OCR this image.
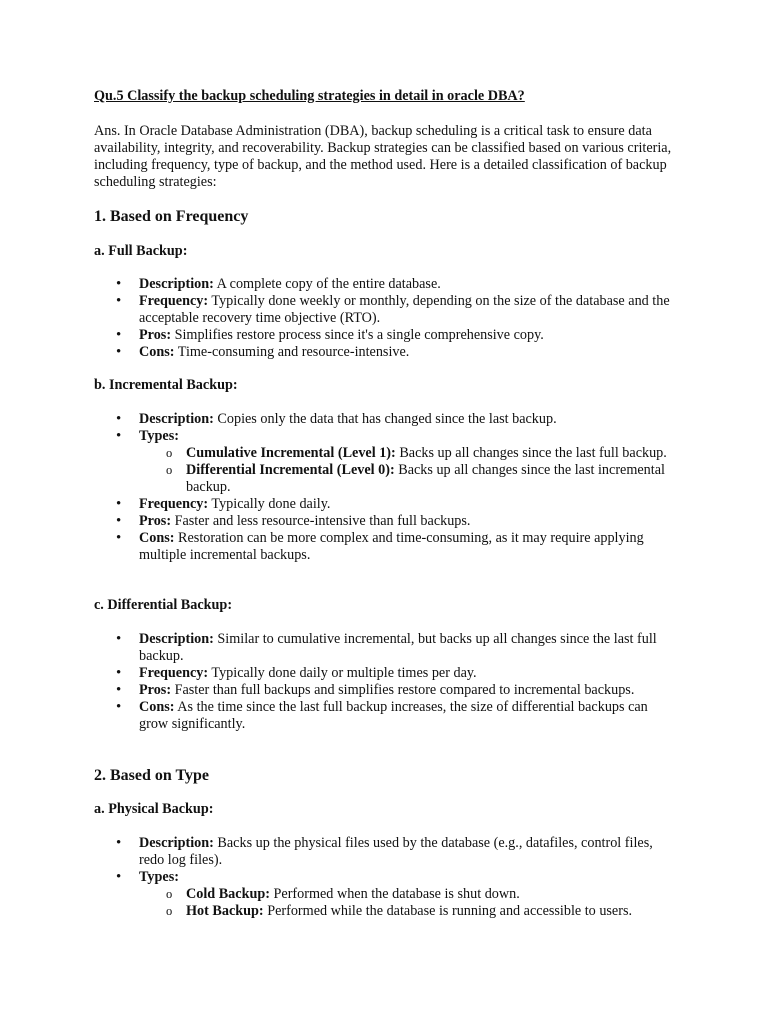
Qu.5 Classify the backup scheduling strategies in detail in oracle DBA?
Ans. In Oracle Database Administration (DBA), backup scheduling is a critical task to ensure data availability, integrity, and recoverability. Backup strategies can be classified based on various criteria, including frequency, type of backup, and the method used. Here is a detailed classification of backup scheduling strategies:
1. Based on Frequency
a. Full Backup:
• Description: A complete copy of the entire database.
• Frequency: Typically done weekly or monthly, depending on the size of the database and the acceptable recovery time objective (RTO).
• Pros: Simplifies restore process since it's a single comprehensive copy.
• Cons: Time-consuming and resource-intensive.
b. Incremental Backup:
• Description: Copies only the data that has changed since the last backup.
• Types:
o Cumulative Incremental (Level 1): Backs up all changes since the last full backup.
o Differential Incremental (Level 0): Backs up all changes since the last incremental backup.
• Frequency: Typically done daily.
• Pros: Faster and less resource-intensive than full backups.
• Cons: Restoration can be more complex and time-consuming, as it may require applying multiple incremental backups.
c. Differential Backup:
• Description: Similar to cumulative incremental, but backs up all changes since the last full backup.
• Frequency: Typically done daily or multiple times per day.
• Pros: Faster than full backups and simplifies restore compared to incremental backups.
• Cons: As the time since the last full backup increases, the size of differential backups can grow significantly.
2. Based on Type
a. Physical Backup:
• Description: Backs up the physical files used by the database (e.g., datafiles, control files, redo log files).
• Types:
o Cold Backup: Performed when the database is shut down.
o Hot Backup: Performed while the database is running and accessible to users.
